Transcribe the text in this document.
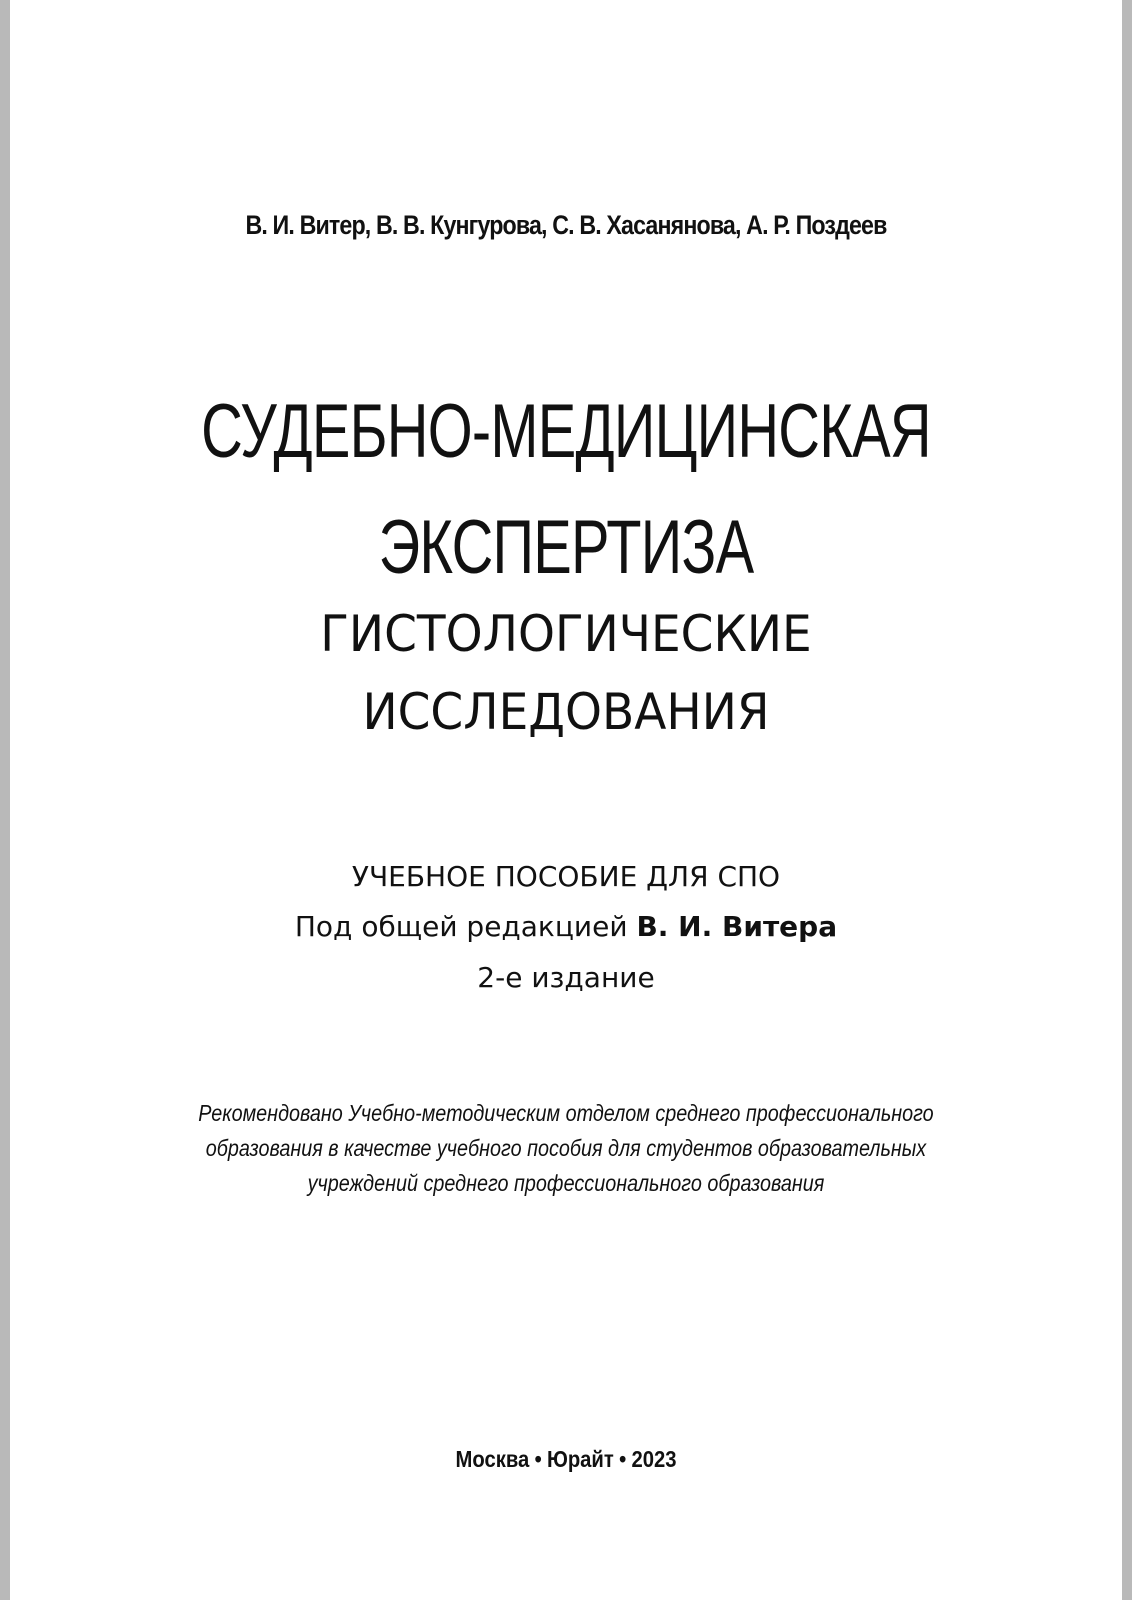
В. И. Витер, В. В. Кунгурова, С. В. Хасанянова, А. Р. Поздеев
СУДЕБНО-МЕДИЦИНСКАЯ
ЭКСПЕРТИЗА
ГИСТОЛОГИЧЕСКИЕ
ИССЛЕДОВАНИЯ
УЧЕБНОЕ ПОСОБИЕ ДЛЯ СПО
Под общей редакцией В. И. Витера
2-е издание
Рекомендовано Учебно-методическим отделом среднего профессионального
образования в качестве учебного пособия для студентов образовательных
учреждений среднего профессионального образования
Москва • Юрайт • 2023
